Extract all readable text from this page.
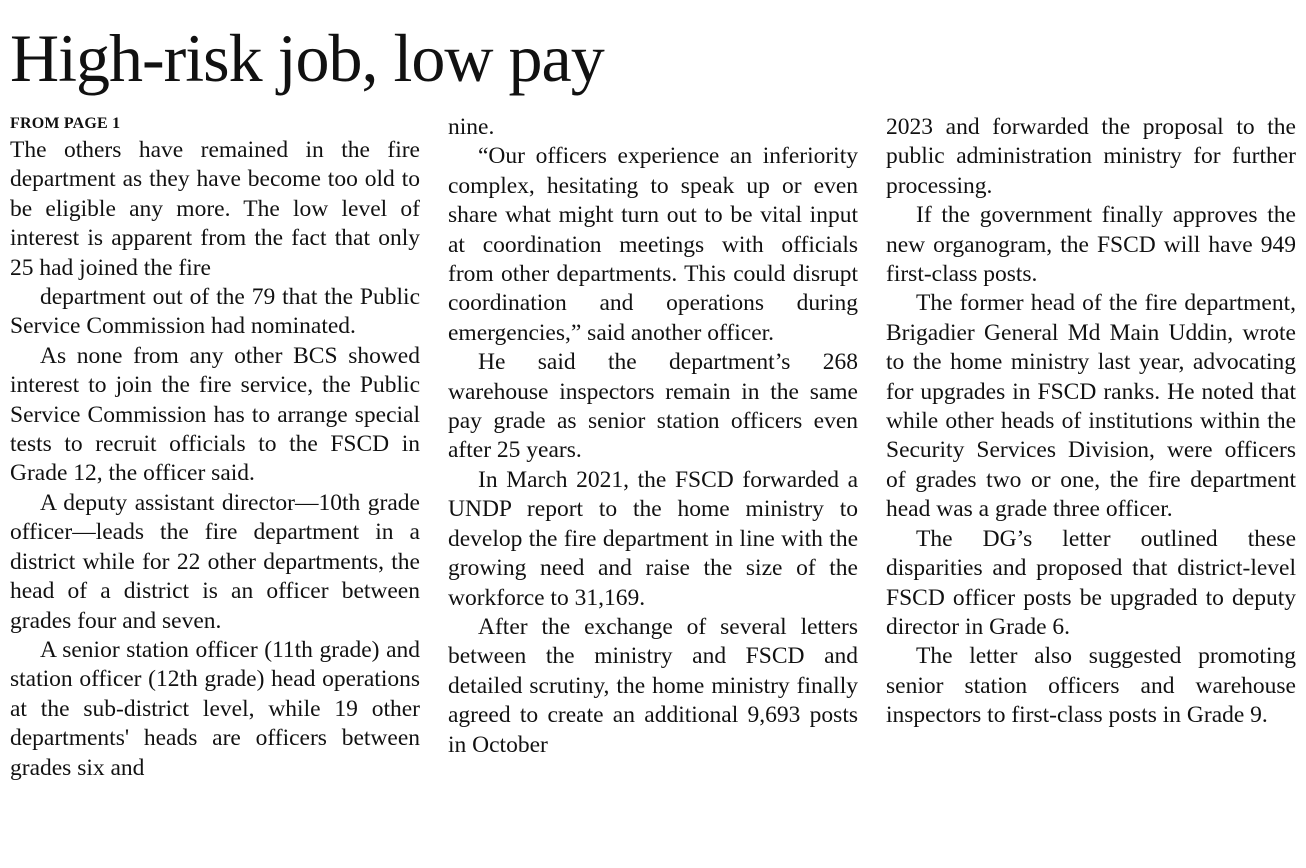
High-risk job, low pay
FROM PAGE 1

The others have remained in the fire department as they have become too old to be eligible any more. The low level of interest is apparent from the fact that only 25 had joined the fire

department out of the 79 that the Public Service Commission had nominated.

As none from any other BCS showed interest to join the fire service, the Public Service Commission has to arrange special tests to recruit officials to the FSCD in Grade 12, the officer said.

A deputy assistant director—10th grade officer—leads the fire department in a district while for 22 other departments, the head of a district is an officer between grades four and seven.

A senior station officer (11th grade) and station officer (12th grade) head operations at the sub-district level, while 19 other departments' heads are officers between grades six and

nine.

“Our officers experience an inferiority complex, hesitating to speak up or even share what might turn out to be vital input at coordination meetings with officials from other departments. This could disrupt coordination and operations during emergencies,” said another officer.

He said the department’s 268 warehouse inspectors remain in the same pay grade as senior station officers even after 25 years.

In March 2021, the FSCD forwarded a UNDP report to the home ministry to develop the fire department in line with the growing need and raise the size of the workforce to 31,169.

After the exchange of several letters between the ministry and FSCD and detailed scrutiny, the home ministry finally agreed to create an additional 9,693 posts in October

2023 and forwarded the proposal to the public administration ministry for further processing.

If the government finally approves the new organogram, the FSCD will have 949 first-class posts.

The former head of the fire department, Brigadier General Md Main Uddin, wrote to the home ministry last year, advocating for upgrades in FSCD ranks. He noted that while other heads of institutions within the Security Services Division, were officers of grades two or one, the fire department head was a grade three officer.

The DG’s letter outlined these disparities and proposed that district-level FSCD officer posts be upgraded to deputy director in Grade 6.

The letter also suggested promoting senior station officers and warehouse inspectors to first-class posts in Grade 9.
